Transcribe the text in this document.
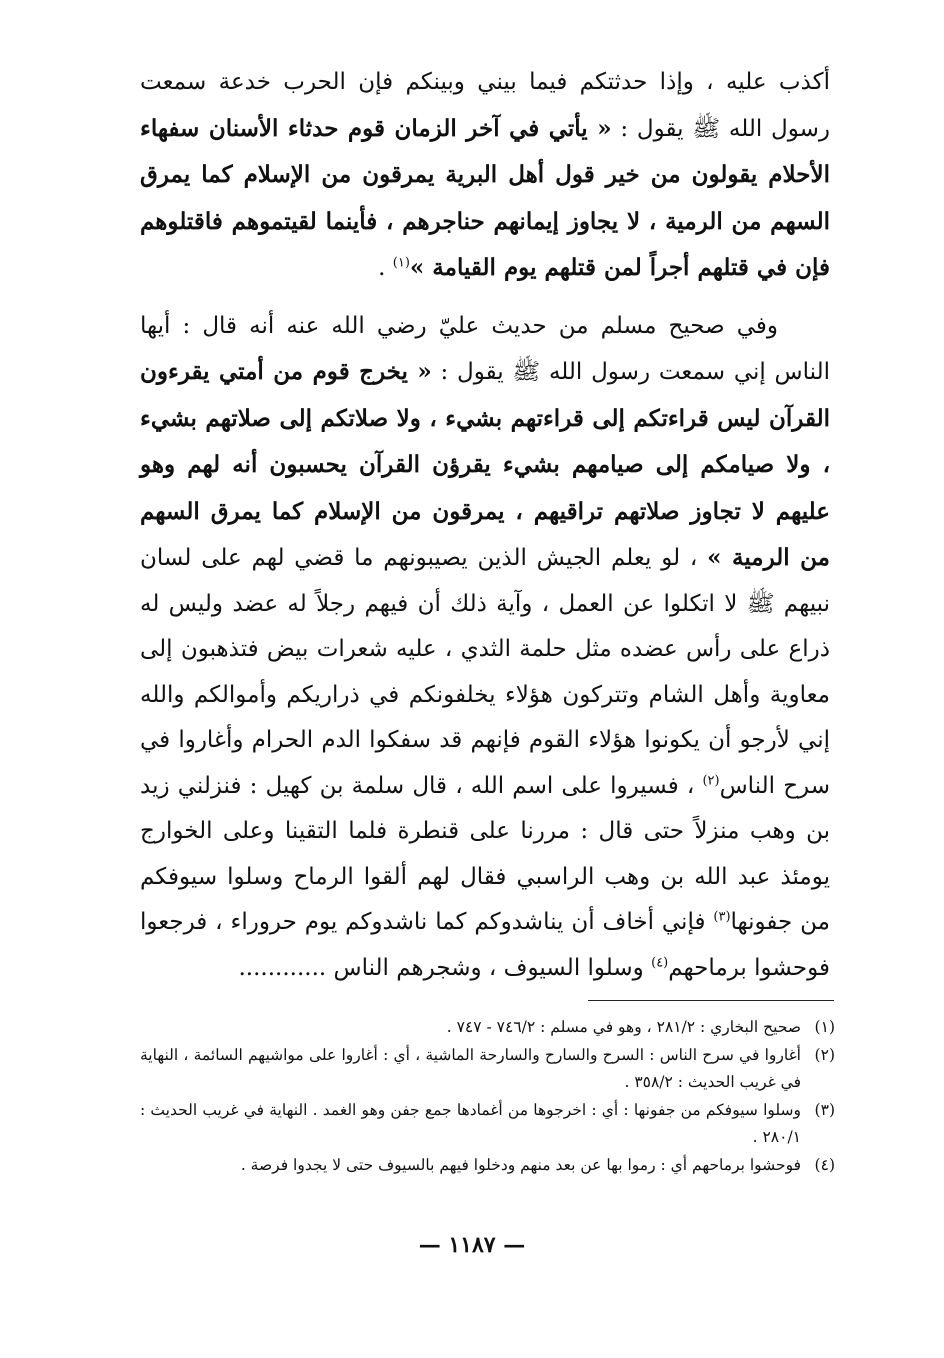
أكذب عليه ، وإذا حدثتكم فيما بيني وبينكم فإن الحرب خدعة سمعت رسول الله ﷺ يقول : « يأتي في آخر الزمان قوم حدثاء الأسنان سفهاء الأحلام يقولون من خير قول أهل البرية يمرقون من الإسلام كما يمرق السهم من الرمية ، لا يجاوز إيمانهم حناجرهم ، فأينما لقيتموهم فاقتلوهم فإن في قتلهم أجراً لمن قتلهم يوم القيامة »$^{(١)}$ .

وفي صحيح مسلم من حديث عليّ رضي الله عنه أنه قال : أيها الناس إني سمعت رسول الله ﷺ يقول : « يخرج قوم من أمتي يقرءون القرآن ليس قراءتكم إلى قراءتهم بشيء ، ولا صلاتكم إلى صلاتهم بشيء ، ولا صيامكم إلى صيامهم بشيء يقرؤن القرآن يحسبون أنه لهم وهو عليهم لا تجاوز صلاتهم تراقيهم ، يمرقون من الإسلام كما يمرق السهم من الرمية » ، لو يعلم الجيش الذين يصيبونهم ما قضي لهم على لسان نبيهم ﷺ لا اتكلوا عن العمل ، وآية ذلك أن فيهم رجلاً له عضد وليس له ذراع على رأس عضده مثل حلمة الثدي ، عليه شعرات بيض فتذهبون إلى معاوية وأهل الشام وتتركون هؤلاء يخلفونكم في ذراريكم وأموالكم والله إني لأرجو أن يكونوا هؤلاء القوم فإنهم قد سفكوا الدم الحرام وأغاروا في سرح الناس$^{(٢)}$ ، فسيروا على اسم الله ، قال سلمة بن كهيل : فنزلني زيد بن وهب منزلاً حتى قال : مررنا على قنطرة فلما التقينا وعلى الخوارج يومئذ عبد الله بن وهب الراسبي فقال لهم ألقوا الرماح وسلوا سيوفكم من جفونها$^{(٣)}$ فإني أخاف أن يناشدوكم كما ناشدوكم يوم حروراء ، فرجعوا فوحشوا برماحهم$^{(٤)}$ وسلوا السيوف ، وشجرهم الناس ............

(١)
صحيح البخاري : ٢٨١/٢ ، وهو في مسلم : ٧٤٦/٢ - ٧٤٧ .
(٢)
أغاروا في سرح الناس : السرح والسارح والسارحة الماشية ، أي : أغاروا على مواشيهم السائمة ، النهاية في غريب الحديث : ٣٥٨/٢ .
(٣)
وسلوا سيوفكم من جفونها : أي : اخرجوها من أغمادها جمع جفن وهو الغمد . النهاية في غريب الحديث : ٢٨٠/١ .
(٤)
فوحشوا برماحهم أي : رموا بها عن بعد منهم ودخلوا فيهم بالسيوف حتى لا يجدوا فرصة .
— ١١٨٧ —
